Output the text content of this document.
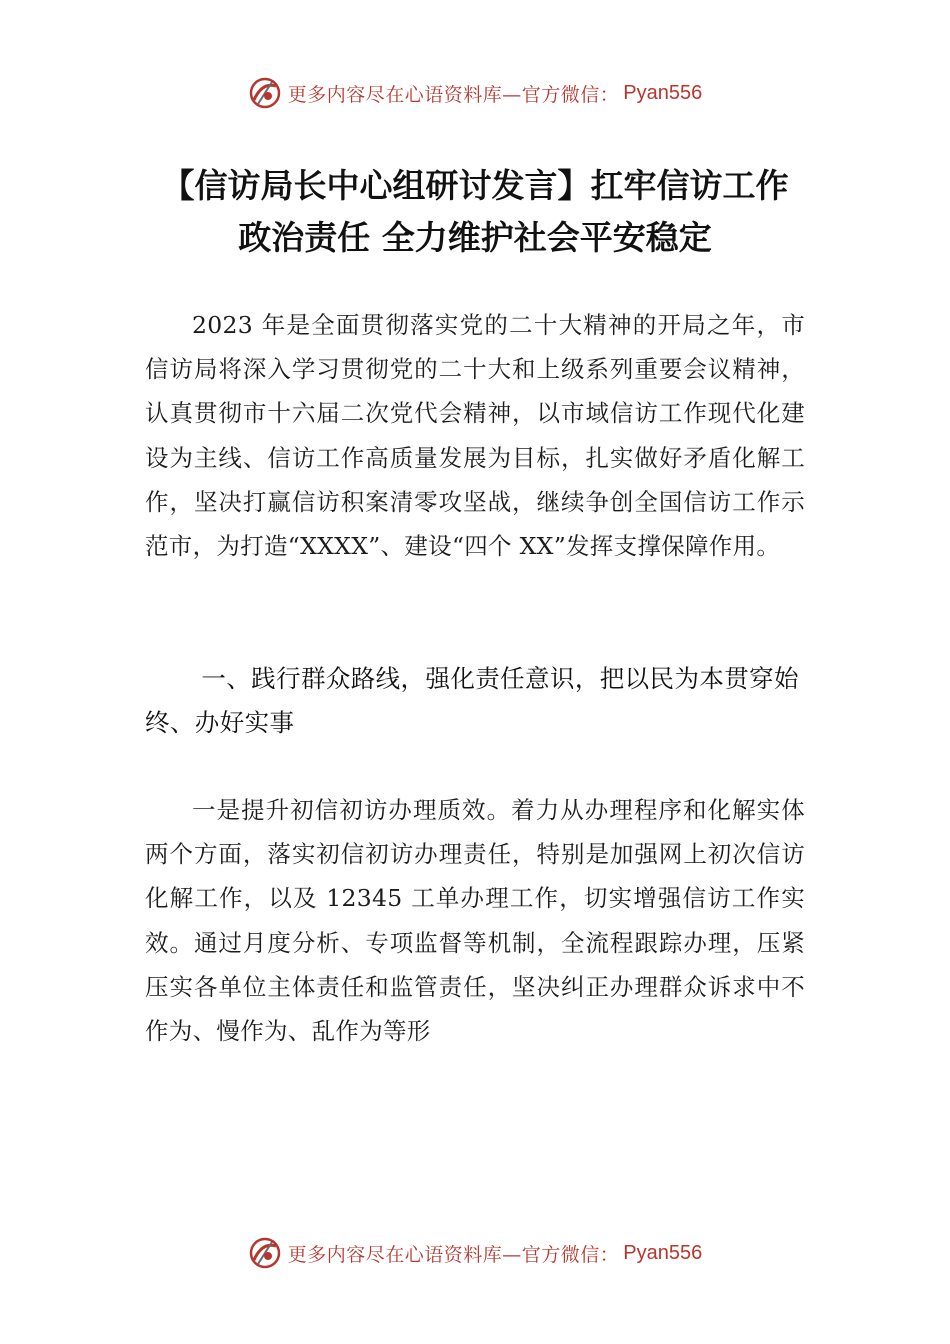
更多内容尽在心语资料库—官方微信： Pyan556
【信访局长中心组研讨发言】扛牢信访工作
政治责任 全力维护社会平安稳定

2023 年是全面贯彻落实党的二十大精神的开局之年，市信访局将深入学习贯彻党的二十大和上级系列重要会议精神，认真贯彻市十六届二次党代会精神，以市域信访工作现代化建设为主线、信访工作高质量发展为目标，扎实做好矛盾化解工作，坚决打赢信访积案清零攻坚战，继续争创全国信访工作示范市，为打造“XXXX”、建设“四个 XX”发挥支撑保障作用。

一、践行群众路线，强化责任意识，把以民为本贯穿始终、办好实事

一是提升初信初访办理质效。着力从办理程序和化解实体两个方面，落实初信初访办理责任，特别是加强网上初次信访化解工作，以及 12345 工单办理工作，切实增强信访工作实效。通过月度分析、专项监督等机制，全流程跟踪办理，压紧压实各单位主体责任和监管责任，坚决纠正办理群众诉求中不作为、慢作为、乱作为等形

更多内容尽在心语资料库—官方微信： Pyan556
